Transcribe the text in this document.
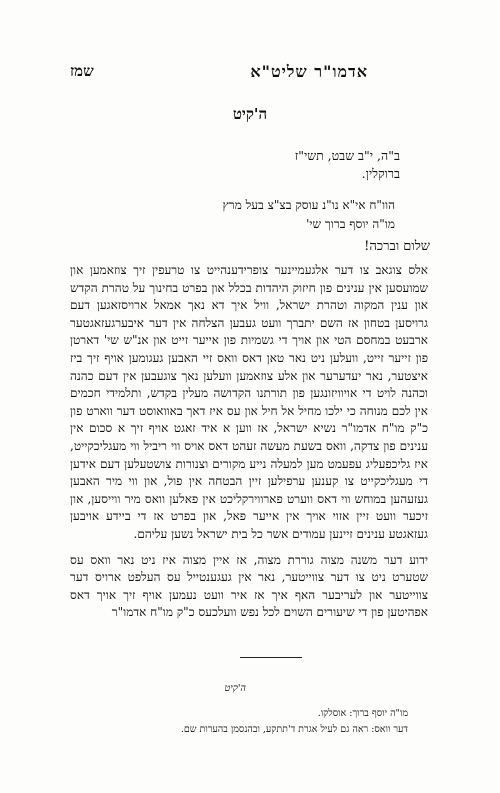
אדמו"ר שליט"א
שמז
ה'קיט
ב"ה, י"ב שבט, תשי"ז
ברוקלין.
הוו"ח אי"א נו"נ עוסק בצ"צ בעל מרץ
מו"ה יוסף ברוך שי'
שלום וברכה!

אלס צוגאב צו דער אלגעמיינער צופרידענהייט צו טרעפין זיך צוזאמען און שמועסען אין ענינים פון חיזוק היהדות בכלל און בפרט בחינוך על טהרת הקדש און ענין המקוה וטהרת ישראל, וויל איך דא נאך אמאל ארויסזאגען דעם גרויסען בטחון אז השם יתברך וועט געבען הצלחה אין דער איבערגעזאגטער ארבעט במחסם הטי און אויך די גשמיות פון אייער זייט און אנ"ש שי' דארטן פון זייער זייט, וועלען ניט נאר טאן דאס וואס זיי האבען געגומען אויף זיך ביז איצטער, נאר יעדערער און אלע צוזאמען וועלען נאך צוגעבען אין דעם כהנה וכהנה לויט די אויוויזונגען פון תורתנו הקדושה מעלין בקדש, ותלמידי חכמים אין לכם מנוחה כי ילכו מחיל אל חיל און עס איז דאך באוואוסט דער ווארט פון כ"ק מו"ח אדמו"ר נשיא ישראל, אז ווען א איד זאגט אויף זיך א סכום אין ענינים פון צדקה, וואס בשעת מעשה זעהט דאס אויס ווי ריביל ווי מעגליכקייט, איז גליכפעליג עפעמט מען למעלה נייע מקורים וצנורות צושטעלען דעם אידען די מעגליכקייט צו קענען ערפילען זיין הבטחה אין פול, און ווי מיר האבען געזעהען במוחש ווי דאס ווערט פארווירקליכט אין פאלען וואס מיר ווייסען, און זיכער וועט זיין אזוי אויך אין אייער פאל, און בפרט אז די ביידע אויבען געזאגטע ענינים זיינען עמודים אשר כל בית ישראל נשען עליהם.

ידוע דער משנה מצוה גוררת מצוה, אז איין מצוה איז ניט נאר וואס עס שטערט ניט צו דער צווייטער, נאר אין געגענטייל עס העלפט ארויס דער צווייטער און לעריבער האף איך אז איר וועט נעמען אויף זיך אויך דאס אפהיטען פון די שיעורים השוים לכל נפש וועלכעס כ"ק מו"ח אדמו"ר

ה'קיט
מו"ה יוסף ברוך: אוסלקו.
דער וואס: ראה גם לעיל אגרת ד'תתקע, ובהנסמן בהערות שם.
